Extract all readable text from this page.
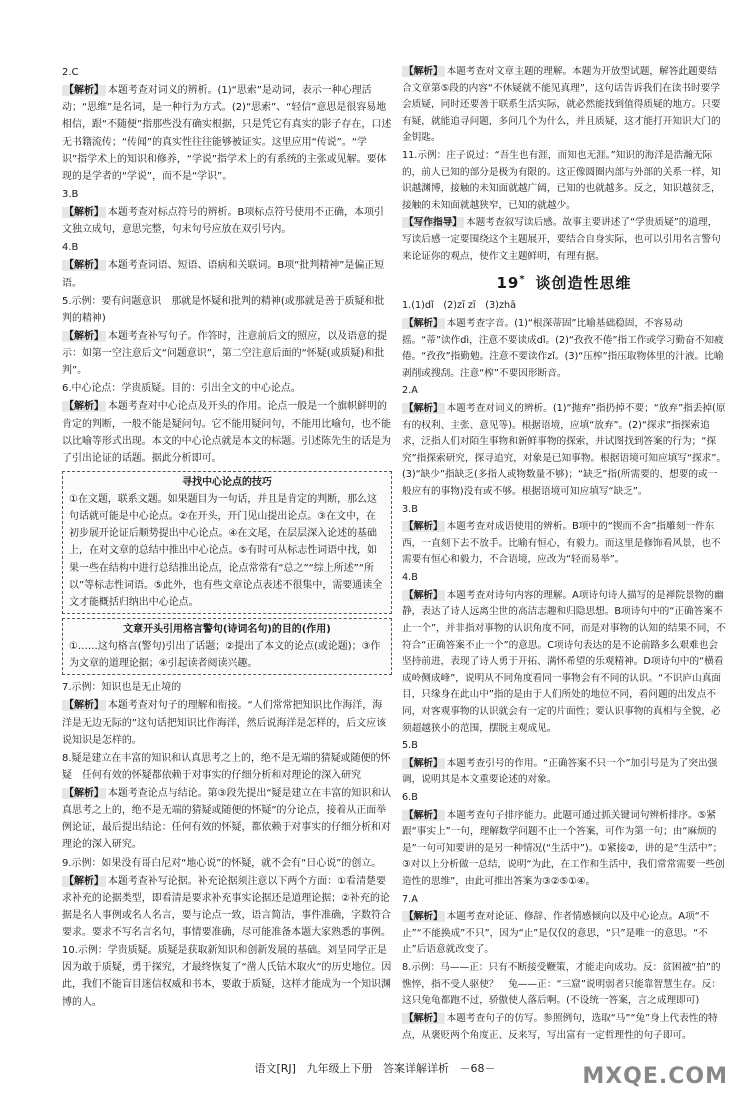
2.C
【解析】 本题考查对词义的辨析。(1)“思索”是动词，表示一种心理活动；“思维”是名词，是一种行为方式。(2)“思索”、“轻信”意思是很容易地相信，跟“不随便”指那些没有确实根据，只是凭它有真实的影子存在，口述无书籍流传；“传闻”的真实性往往能够被证实。这里应用“传说”。“学识”指学术上的知识和修养，“学说”指学术上的有系统的主张或见解。要体现的是学者的“学说”，而不是“学识”。
3.B
【解析】 本题考查对标点符号的辨析。B项标点符号使用不正确，本项引文独立成句，意思完整，句末句号应放在双引号内。
4.B
【解析】 本题考查词语、短语、语病和关联词。B项“批判精神”是偏正短语。
5.示例：要有问题意识　那就是怀疑和批判的精神(或那就是善于质疑和批判的精神)
【解析】 本题考查补写句子。作答时，注意前后文的照应，以及语意的提示：如第一空注意后文“问题意识”，第二空注意后面的“怀疑(或质疑)和批判”。
6.中心论点：学贵质疑。目的：引出全文的中心论点。
【解析】 本题考查对中心论点及开头的作用。论点一般是一个旗帜鲜明的肯定的判断，一般不能是疑问句。它不能用疑问句，不能用比喻句，也不能以比喻等形式出现。本文的中心论点就是本文的标题。引述陈先生的话是为了引出论证的话题。据此分析即可。
寻找中心论点的技巧
①在文题，联系文题。如果题目为一句话，并且是肯定的判断，那么这句话就可能是中心论点。②在开头，开门见山提出论点。③在文中，在初步展开论证后顺势提出中心论点。④在文尾，在层层深入论述的基础上，在对文章的总结中推出中心论点。⑤有时可从标志性词语中找，如果一些在结构中进行总结推出论点，论点常常有“总之”“综上所述”“所以”等标志性词语。⑤此外，也有些文章论点表述不很集中，需要通读全文才能概括归纳出中心论点。
文章开头引用格言警句(诗词名句)的目的(作用)
①……这句格言(警句)引出了话题；②提出了本文的论点(或论题)；③作为文章的道理论据；④引起读者阅读兴趣。
7.示例：知识也是无止境的
【解析】 本题考查对句子的理解和衔接。“人们常常把知识比作海洋，海洋是无边无际的”这句话把知识比作海洋，然后说海洋是怎样的，后文应该说知识是怎样的。
8.疑是建立在丰富的知识和认真思考之上的，绝不是无端的猜疑或随便的怀疑　任何有效的怀疑都依赖于对事实的仔细分析和对理论的深入研究
【解析】 本题考查论点与结论。第③段先提出“疑是建立在丰富的知识和认真思考之上的，绝不是无端的猜疑或随便的怀疑”的分论点，接着从正面举例论证，最后提出结论：任何有效的怀疑，都依赖于对事实的仔细分析和对理论的深入研究。
9.示例：如果没有哥白尼对“地心说”的怀疑，就不会有“日心说”的创立。
【解析】 本题考查补写论据。补充论据须注意以下两个方面：①看清楚要求补充的论据类型，即看清是要求补充事实论据还是道理论据；②补充的论据是名人事例或名人名言，要与论点一致，语言简洁，事件准确，字数符合要求。要求不写名言名句，事情要准确，尽可能准备本题大家熟悉的事例。
10.示例：学贵质疑。质疑是获取新知识和创新发展的基础。刘呈同学正是因为敢于质疑，勇于探究，才最终恢复了“凿人氏钻木取火”的历史地位。因此，我们不能盲目迷信权威和书本，要敢于质疑，这样才能成为一个知识渊博的人。
【解析】 本题考查对文章主题的理解。本题为开放型试题，解答此题要结合文章第⑤段的内容“不休疑就不能见真理”，这句话告诉我们在读书时要学会质疑，同时还要善于联系生活实际，就必然能找到值得质疑的地方。只要有疑，就能追寻问题，多问几个为什么，并且质疑，这才能打开知识大门的金钥匙。
11.示例：庄子说过：“吾生也有涯，而知也无涯。”知识的海洋是浩瀚无际的，前人已知的部分是极为有限的。这正像圆圈内部与外部的关系一样，知识越渊博，接触的未知面就越广阔，已知的也就越多。反之，知识越贫乏，接触的未知面就越狭窄，已知的就越少。
【写作指导】 本题考查叙写读后感。故事主要讲述了“学贵质疑”的道理，写读后感一定要围绕这个主题展开，要结合自身实际，也可以引用名言警句来论证你的观点，使作文主题鲜明，有理有据。
19* 谈创造性思维
1.(1)dǐ　(2)zī zī　(3)zhā
【解析】 本题考查字音。(1)“根深蒂固”比喻基础稳固，不容易动摇。“蒂”读作dì，注意不要读成dǐ。(2)“孜孜不倦”指工作或学习勤奋不知疲倦。“孜孜”指勤勉。注意不要读作zǐ。(3)“压榨”指压取物体里的汁液。比喻剥削或搜刮。注意“榨”不要因形断音。
2.A
【解析】 本题考查对词义的辨析。(1)“抛弃”指扔掉不要；“放弃”指丢掉(原有的权利、主张、意见等)。根据语境，应填“放弃”。(2)“探求”指探索追求，泛指人们对陌生事物和新鲜事物的探索，并试图找到答案的行为；“探究”指探索研究，探寻追究，对象是已知事物。根据语境可知应填写“探求”。(3)“缺少”指缺乏(多指人或物数量不够)；“缺乏”指(所需要的、想要的或一般应有的事物)没有或不够。根据语境可知应填写“缺乏”。
3.B
【解析】 本题考查对成语使用的辨析。B项中的“锲而不舍”指雕刻一件东西，一直刻下去不放手。比喻有恒心，有毅力。而这里是修饰看风景，也不需要有恒心和毅力，不合语境，应改为“轻而易举”。
4.B
【解析】 本题考查对诗句内容的理解。A项诗句诗人描写的是禅院景物的幽静，表达了诗人远离尘世的高洁志趣和归隐思想。B项诗句中的“正确答案不止一个”，并非指对事物的认识角度不同，而是对事物的认知的结果不同，不符合“正确答案不止一个”的意思。C项诗句表达的是不论前路多么艰难也会坚持前进，表现了诗人勇于开拓、满怀希望的乐观精神。D项诗句中的“横看成岭侧成峰”，说明从不同角度看同一事物会有不同的认识。“不识庐山真面目，只缘身在此山中”指的是由于人们所处的地位不同，看问题的出发点不同，对客观事物的认识就会有一定的片面性；要认识事物的真相与全貌，必须超越狭小的范围，摆脱主观成见。
5.B
【解析】 本题考查引号的作用。“正确答案不只一个”加引号是为了突出强调，说明其是本文重要论述的对象。
6.B
【解析】 本题考查句子排序能力。此题可通过抓关键词句辨析排序。⑤紧跟“事实上”一句，理解数学问题不止一个答案，可作为第一句；由“麻烦的是”一句可知要讲的是另一种情况(“生活中”)。①紧接②，讲的是“生活中”；③对以上分析做一总结，说明“为此，在工作和生活中，我们常常需要一些创造性的思维”，由此可推出答案为③②⑤①④。
7.A
【解析】 本题考查对论证、修辞、作者情感倾向以及中心论点。A项“不止”“不能换成”不只”，因为“止”是仅仅的意思，“只”是唯一的意思。“不止”后语意就改变了。
8.示例：马——正：只有不断接受鞭策，才能走向成功。反：贫困被“拍”的憔悴，指不受人驱使？　兔——正：“三窟”说明弱者只能靠智慧生存。反：这只兔龟都跑不过，骄傲使人落后啊。(不设统一答案，言之成理即可)
【解析】 本题考查句子的仿写。参照例句，选取“马”“兔”身上代表性的特点，从褒贬两个角度正、反来写，写出富有一定哲理性的句子即可。
语文[RJ] 九年级上下册 答案详解详析 －68－	MXQE.COM
